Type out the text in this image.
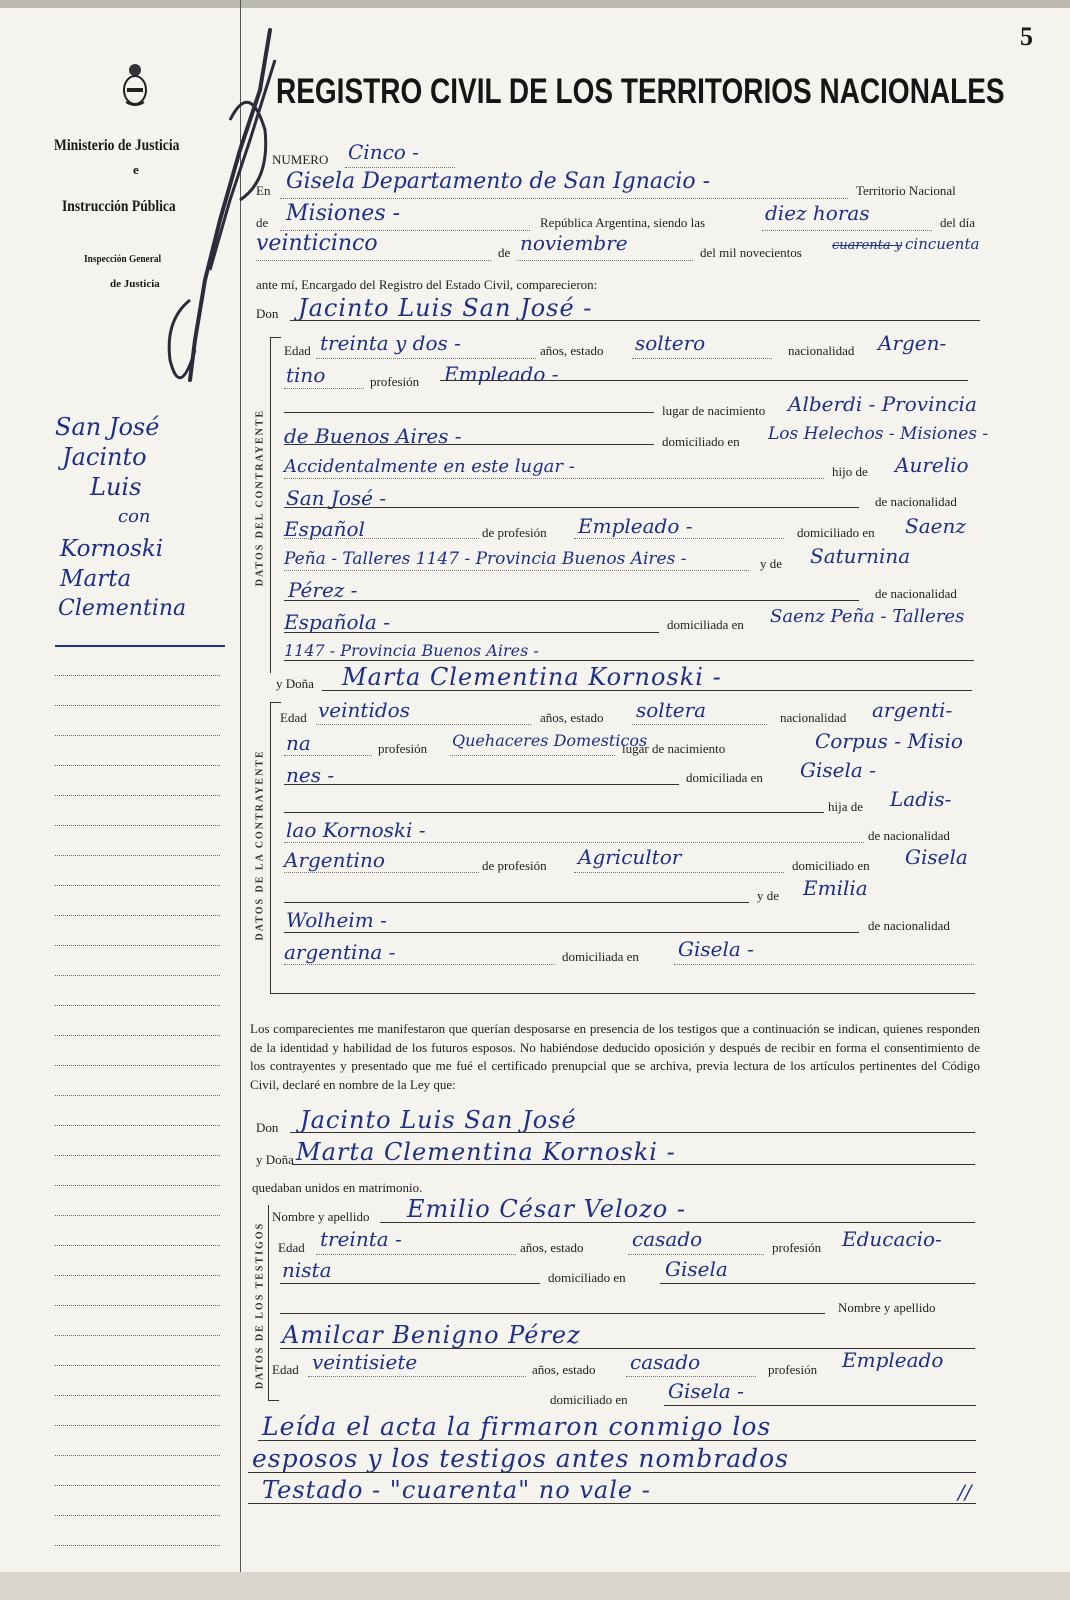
5
Ministerio de Justicia
e
Instrucción Pública
Inspección General
de Justicia
San José
Jacinto
Luis
con
Kornoski
Marta
Clementina
REGISTRO CIVIL DE LOS TERRITORIOS NACIONALES
NUMERO Cinco -
En Gisela Departamento de San Ignacio -	Territorio Nacional
de Misiones -	República Argentina, siendo las	diez horas	del día
veinticinco	de noviembre	del mil novecientos cuarenta y cincuenta
ante mí, Encargado del Registro del Estado Civil, comparecieron:
Don Jacinto Luis San José -
DATOS DEL CONTRAYENTE
Edad treinta y dos -	años, estado soltero	nacionalidad Argen-
tino	profesión Empleado -
lugar de nacimiento Alberdi - Provincia
de Buenos Aires -	domiciliado en Los Helechos - Misiones -
Accidentalmente en este lugar -	hijo de Aurelio
San José -	de nacionalidad
Español	de profesión Empleado -	domiciliado en Saenz
Peña - Talleres 1147 - Provincia Buenos Aires -	y de Saturnina
Pérez -	de nacionalidad
Española -	domiciliada en Saenz Peña - Talleres
1147 - Provincia Buenos Aires -
y Doña Marta Clementina Kornoski -
DATOS DE LA CONTRAYENTE
Edad veintidos	años, estado soltera	nacionalidad argenti-
na	profesión Quehaceres Domesticos
lugar de nacimiento	Corpus - Misio
nes -	domiciliada en Gisela -
hija de Ladis-
lao Kornoski -	de nacionalidad
Argentino	de profesión Agricultor	domiciliado en Gisela
y de Emilia
Wolheim -	de nacionalidad
argentina -	domiciliada en Gisela -
Los comparecientes me manifestaron que querían desposarse en presencia de los testigos que a continuación se indican, quienes responden de la identidad y habilidad de los futuros esposos. No habiéndose deducido oposición y después de recibir en forma el consentimiento de los contrayentes y presentado que me fué el certificado prenupcial que se archiva, previa lectura de los artículos pertinentes del Código Civil, declaré en nombre de la Ley que:
Don Jacinto Luis San José
y Doña Marta Clementina Kornoski -
quedaban unidos en matrimonio.
DATOS DE LOS TESTIGOS
Nombre y apellido Emilio César Velozo -
Edad treinta -	años, estado casado	profesión Educacio-
nista	domiciliado en Gisela
Nombre y apellido
Amilcar Benigno Pérez
Edad veintisiete	años, estado casado	profesión Empleado
domiciliado en Gisela -
Leída el acta la firmaron conmigo los
esposos y los testigos antes nombrados
Testado - "cuarenta" no vale -	//
